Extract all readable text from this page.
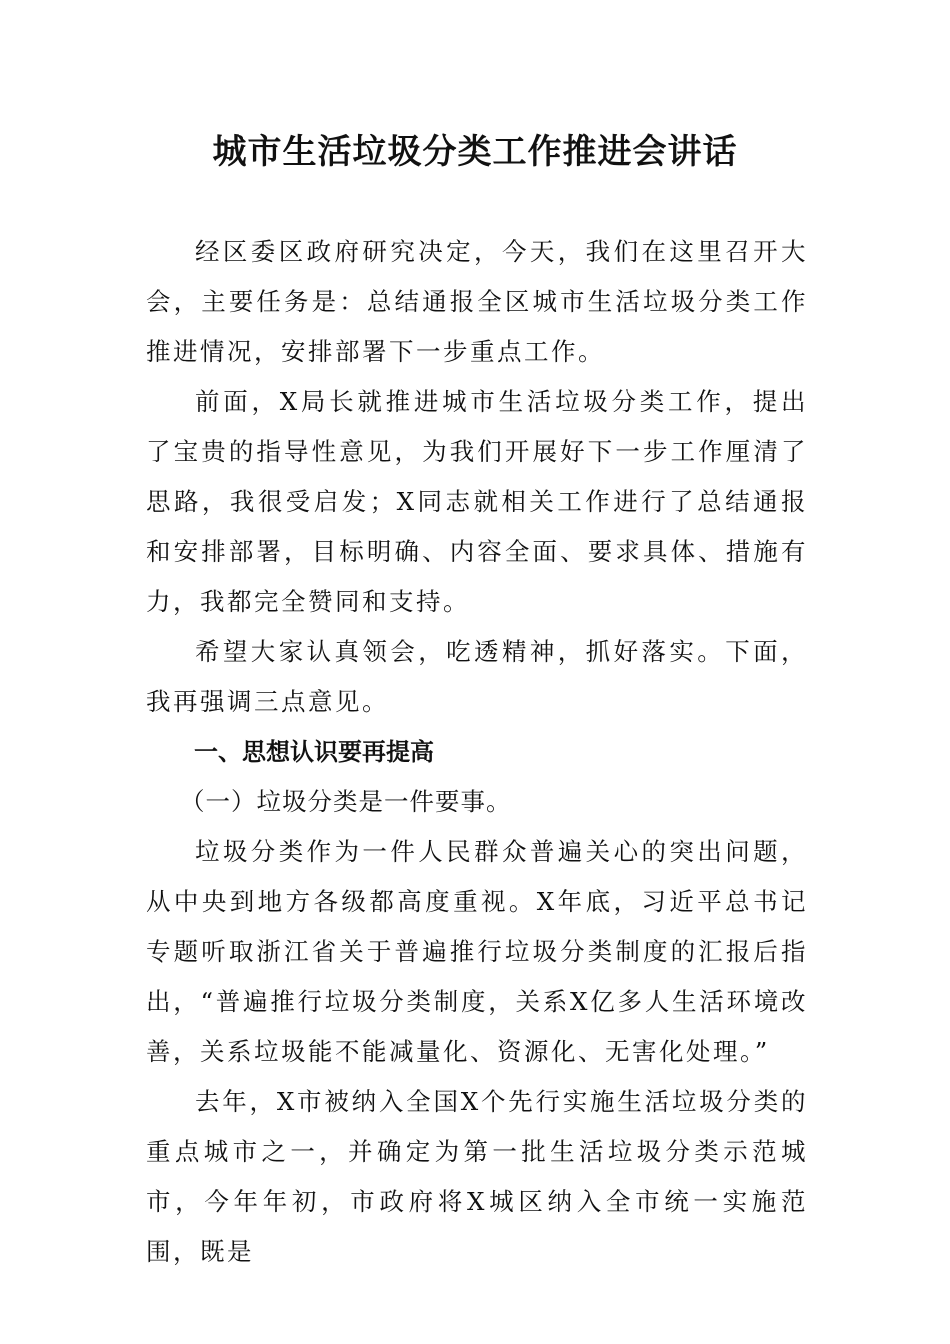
城市生活垃圾分类工作推进会讲话

经区委区政府研究决定，今天，我们在这里召开大会，主要任务是：总结通报全区城市生活垃圾分类工作推进情况，安排部署下一步重点工作。

前面，X局长就推进城市生活垃圾分类工作，提出了宝贵的指导性意见，为我们开展好下一步工作厘清了思路，我很受启发；X同志就相关工作进行了总结通报和安排部署，目标明确、内容全面、要求具体、措施有力，我都完全赞同和支持。

希望大家认真领会，吃透精神，抓好落实。下面，我再强调三点意见。

一、思想认识要再提高

（一）垃圾分类是一件要事。

垃圾分类作为一件人民群众普遍关心的突出问题，从中央到地方各级都高度重视。X年底，习近平总书记专题听取浙江省关于普遍推行垃圾分类制度的汇报后指出，“普遍推行垃圾分类制度，关系X亿多人生活环境改善，关系垃圾能不能减量化、资源化、无害化处理。”

去年，X市被纳入全国X个先行实施生活垃圾分类的重点城市之一，并确定为第一批生活垃圾分类示范城市，今年年初，市政府将X城区纳入全市统一实施范围，既是
